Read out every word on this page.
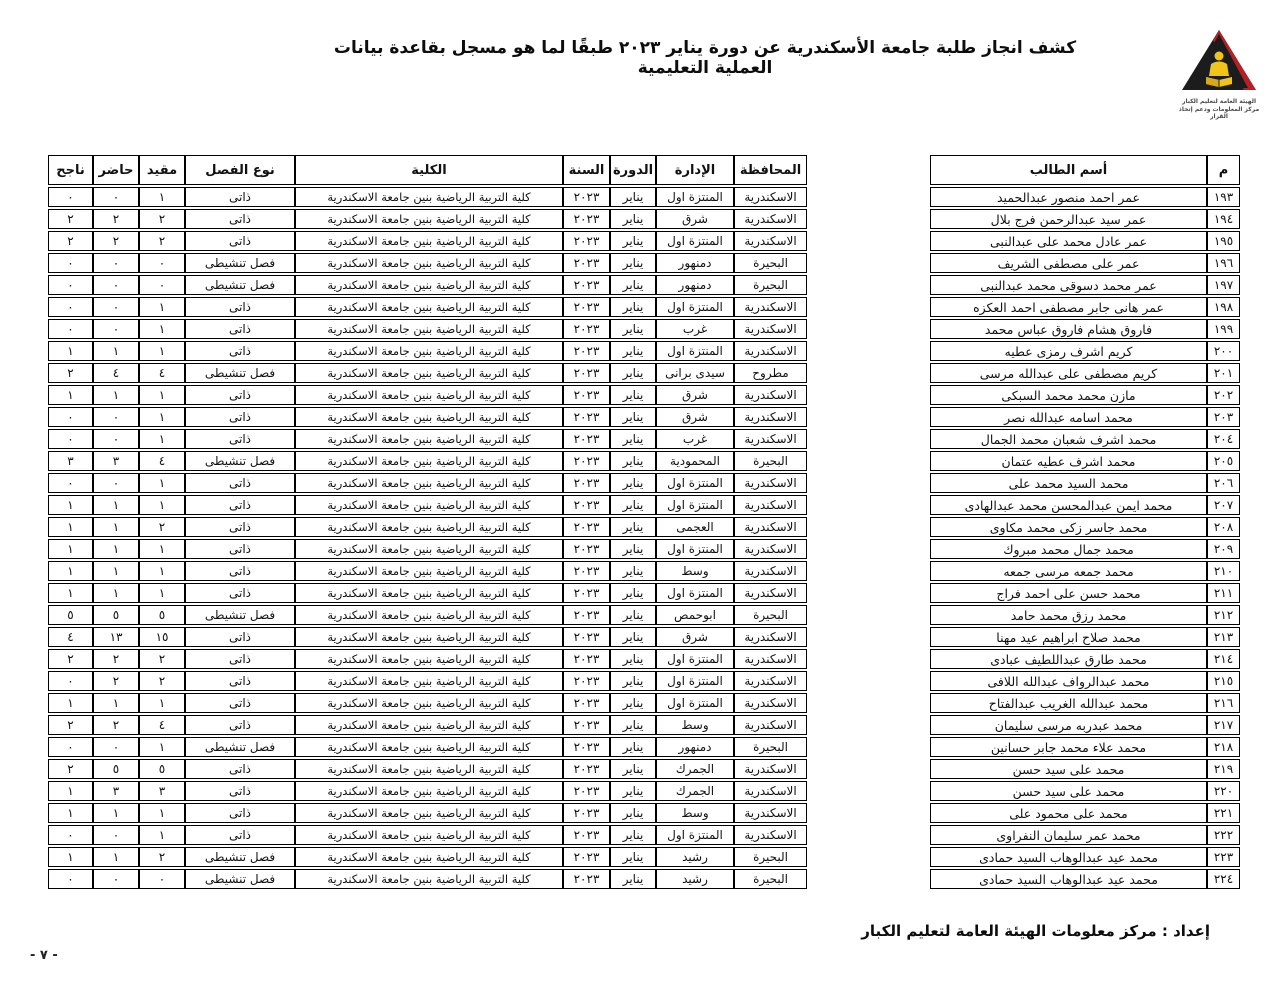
كشف انجاز طلبة جامعة الأسكندرية عن دورة يناير ٢٠٢٣ طبقًا لما هو مسجل بقاعدة بيانات العملية التعليمية
الهيئة العامة لتعليم الكبار
مركز المعلومات ودعم إتخاذ القرار
م
أسم الطالب
المحافظة
الإدارة
الدورة
السنة
الكلية
نوع الفصل
مقيد
حاضر
ناجح
١٩٣
عمر احمد منصور عبدالحميد
الاسكندرية
المنتزة اول
يناير
٢٠٢٣
كلية التربية الرياضية بنين جامعة الاسكندرية
ذاتى
١
٠
٠
١٩٤
عمر سيد عبدالرحمن فرج بلال
الاسكندرية
شرق
يناير
٢٠٢٣
كلية التربية الرياضية بنين جامعة الاسكندرية
ذاتى
٢
٢
٢
١٩٥
عمر عادل محمد على عبدالنبى
الاسكندرية
المنتزة اول
يناير
٢٠٢٣
كلية التربية الرياضية بنين جامعة الاسكندرية
ذاتى
٢
٢
٢
١٩٦
عمر على مصطفى الشريف
البحيرة
دمنهور
يناير
٢٠٢٣
كلية التربية الرياضية بنين جامعة الاسكندرية
فصل تنشيطى
٠
٠
٠
١٩٧
عمر محمد دسوقى محمد عبدالنبى
البحيرة
دمنهور
يناير
٢٠٢٣
كلية التربية الرياضية بنين جامعة الاسكندرية
فصل تنشيطى
٠
٠
٠
١٩٨
عمر هانى جابر مصطفى احمد العكزه
الاسكندرية
المنتزة اول
يناير
٢٠٢٣
كلية التربية الرياضية بنين جامعة الاسكندرية
ذاتى
١
٠
٠
١٩٩
فاروق هشام فاروق عباس محمد
الاسكندرية
غرب
يناير
٢٠٢٣
كلية التربية الرياضية بنين جامعة الاسكندرية
ذاتى
١
٠
٠
٢٠٠
كريم اشرف رمزى عطيه
الاسكندرية
المنتزة اول
يناير
٢٠٢٣
كلية التربية الرياضية بنين جامعة الاسكندرية
ذاتى
١
١
١
٢٠١
كريم مصطفى على عبدالله مرسى
مطروح
سيدى برانى
يناير
٢٠٢٣
كلية التربية الرياضية بنين جامعة الاسكندرية
فصل تنشيطى
٤
٤
٢
٢٠٢
مازن محمد محمد السبكى
الاسكندرية
شرق
يناير
٢٠٢٣
كلية التربية الرياضية بنين جامعة الاسكندرية
ذاتى
١
١
١
٢٠٣
محمد اسامه عبدالله نصر
الاسكندرية
شرق
يناير
٢٠٢٣
كلية التربية الرياضية بنين جامعة الاسكندرية
ذاتى
١
٠
٠
٢٠٤
محمد اشرف شعبان محمد الجمال
الاسكندرية
غرب
يناير
٢٠٢٣
كلية التربية الرياضية بنين جامعة الاسكندرية
ذاتى
١
٠
٠
٢٠٥
محمد اشرف عطيه عتمان
البحيرة
المحمودية
يناير
٢٠٢٣
كلية التربية الرياضية بنين جامعة الاسكندرية
فصل تنشيطى
٤
٣
٣
٢٠٦
محمد السيد محمد على
الاسكندرية
المنتزة اول
يناير
٢٠٢٣
كلية التربية الرياضية بنين جامعة الاسكندرية
ذاتى
١
٠
٠
٢٠٧
محمد ايمن عبدالمحسن محمد عبدالهادى
الاسكندرية
المنتزة اول
يناير
٢٠٢٣
كلية التربية الرياضية بنين جامعة الاسكندرية
ذاتى
١
١
١
٢٠٨
محمد جاسر زكى محمد مكاوى
الاسكندرية
العجمى
يناير
٢٠٢٣
كلية التربية الرياضية بنين جامعة الاسكندرية
ذاتى
٢
١
١
٢٠٩
محمد جمال محمد مبروك
الاسكندرية
المنتزة اول
يناير
٢٠٢٣
كلية التربية الرياضية بنين جامعة الاسكندرية
ذاتى
١
١
١
٢١٠
محمد جمعه مرسى جمعه
الاسكندرية
وسط
يناير
٢٠٢٣
كلية التربية الرياضية بنين جامعة الاسكندرية
ذاتى
١
١
١
٢١١
محمد حسن على احمد فراج
الاسكندرية
المنتزة اول
يناير
٢٠٢٣
كلية التربية الرياضية بنين جامعة الاسكندرية
ذاتى
١
١
١
٢١٢
محمد رزق محمد حامد
البحيرة
ابوحمص
يناير
٢٠٢٣
كلية التربية الرياضية بنين جامعة الاسكندرية
فصل تنشيطى
٥
٥
٥
٢١٣
محمد صلاح ابراهيم عيد مهنا
الاسكندرية
شرق
يناير
٢٠٢٣
كلية التربية الرياضية بنين جامعة الاسكندرية
ذاتى
١٥
١٣
٤
٢١٤
محمد طارق عبداللطيف عبادى
الاسكندرية
المنتزة اول
يناير
٢٠٢٣
كلية التربية الرياضية بنين جامعة الاسكندرية
ذاتى
٢
٢
٢
٢١٥
محمد عبدالرواف عبدالله اللافى
الاسكندرية
المنتزة اول
يناير
٢٠٢٣
كلية التربية الرياضية بنين جامعة الاسكندرية
ذاتى
٢
٢
٠
٢١٦
محمد عبدالله الغريب عبدالفتاح
الاسكندرية
المنتزة اول
يناير
٢٠٢٣
كلية التربية الرياضية بنين جامعة الاسكندرية
ذاتى
١
١
١
٢١٧
محمد عبدربه مرسى سليمان
الاسكندرية
وسط
يناير
٢٠٢٣
كلية التربية الرياضية بنين جامعة الاسكندرية
ذاتى
٤
٢
٢
٢١٨
محمد علاء محمد جابر حسانين
البحيرة
دمنهور
يناير
٢٠٢٣
كلية التربية الرياضية بنين جامعة الاسكندرية
فصل تنشيطى
١
٠
٠
٢١٩
محمد على سيد حسن
الاسكندرية
الجمرك
يناير
٢٠٢٣
كلية التربية الرياضية بنين جامعة الاسكندرية
ذاتى
٥
٥
٢
٢٢٠
محمد على سيد حسن
الاسكندرية
الجمرك
يناير
٢٠٢٣
كلية التربية الرياضية بنين جامعة الاسكندرية
ذاتى
٣
٣
١
٢٢١
محمد على محمود على
الاسكندرية
وسط
يناير
٢٠٢٣
كلية التربية الرياضية بنين جامعة الاسكندرية
ذاتى
١
١
١
٢٢٢
محمد عمر سليمان النفراوى
الاسكندرية
المنتزة اول
يناير
٢٠٢٣
كلية التربية الرياضية بنين جامعة الاسكندرية
ذاتى
١
٠
٠
٢٢٣
محمد عيد عبدالوهاب السيد حمادى
البحيرة
رشيد
يناير
٢٠٢٣
كلية التربية الرياضية بنين جامعة الاسكندرية
فصل تنشيطى
٢
١
١
٢٢٤
محمد عيد عبدالوهاب السيد حمادى
البحيرة
رشيد
يناير
٢٠٢٣
كلية التربية الرياضية بنين جامعة الاسكندرية
فصل تنشيطى
٠
٠
٠
إعداد : مركز معلومات الهيئة العامة لتعليم الكبار
- ٧ -
